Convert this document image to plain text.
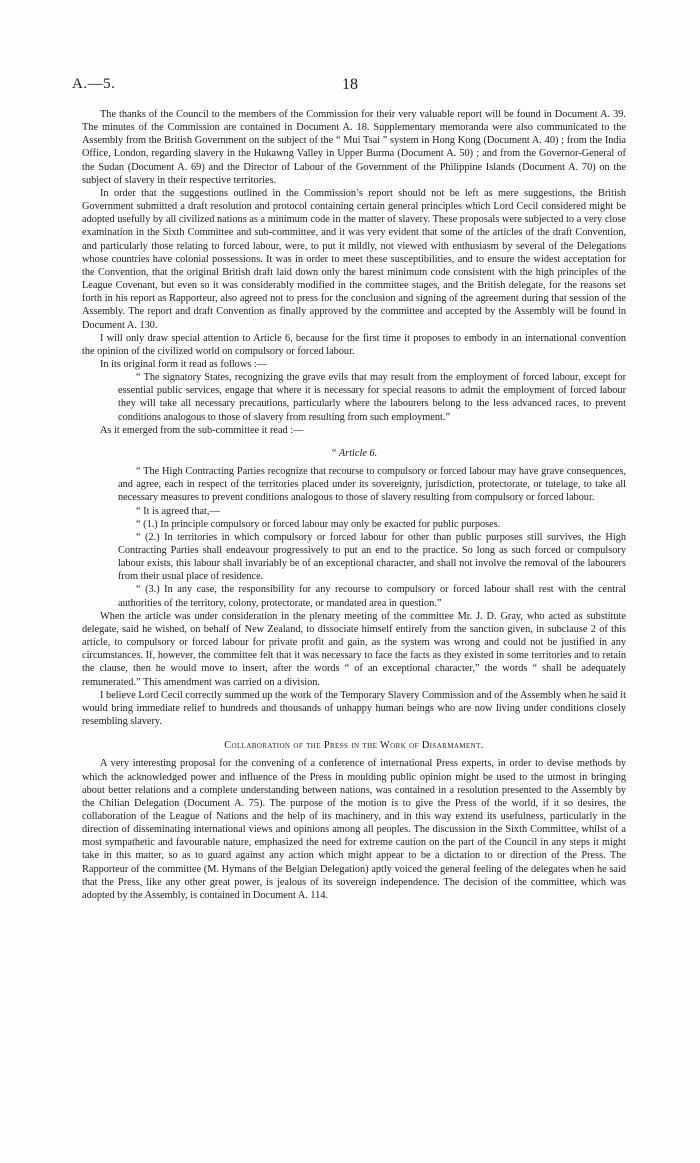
A.—5.	18

The thanks of the Council to the members of the Commission for their very valuable report will be found in Document A. 39. The minutes of the Commission are contained in Document A. 18. Supplementary memoranda were also communicated to the Assembly from the British Government on the subject of the “ Mui Tsai ” system in Hong Kong (Document A. 40) ; from the India Office, London, regarding slavery in the Hukawng Valley in Upper Burma (Document A. 50) ; and from the Governor-General of the Sudan (Document A. 69) and the Director of Labour of the Government of the Philippine Islands (Document A. 70) on the subject of slavery in their respective territories.

In order that the suggestions outlined in the Commission’s report should not be left as mere suggestions, the British Government submitted a draft resolution and protocol containing certain general principles which Lord Cecil considered might be adopted usefully by all civilized nations as a minimum code in the matter of slavery. These proposals were subjected to a very close examination in the Sixth Committee and sub-committee, and it was very evident that some of the articles of the draft Convention, and particularly those relating to forced labour, were, to put it mildly, not viewed with enthusiasm by several of the Delegations whose countries have colonial possessions. It was in order to meet these susceptibilities, and to ensure the widest acceptation for the Convention, that the original British draft laid down only the barest minimum code consistent with the high principles of the League Covenant, but even so it was considerably modified in the committee stages, and the British delegate, for the reasons set forth in his report as Rapporteur, also agreed not to press for the conclusion and signing of the agreement during that session of the Assembly. The report and draft Convention as finally approved by the committee and accepted by the Assembly will be found in Document A. 130.

I will only draw special attention to Article 6, because for the first time it proposes to embody in an international convention the opinion of the civilized world on compulsory or forced labour.

In its original form it read as follows :—

“ The signatory States, recognizing the grave evils that may result from the employment of forced labour, except for essential public services, engage that where it is necessary for special reasons to admit the employment of forced labour they will take all necessary precautions, particularly where the labourers belong to the less advanced races, to prevent conditions analogous to those of slavery from resulting from such employment.”

As it emerged from the sub-committee it read :—

“ Article 6.

“ The High Contracting Parties recognize that recourse to compulsory or forced labour may have grave consequences, and agree, each in respect of the territories placed under its sovereignty, jurisdiction, protectorate, or tutelage, to take all necessary measures to prevent conditions analogous to those of slavery resulting from compulsory or forced labour.

“ It is agreed that,—

“ (1.) In principle compulsory or forced labour may only be exacted for public purposes.

“ (2.) In territories in which compulsory or forced labour for other than public purposes still survives, the High Contracting Parties shall endeavour progressively to put an end to the practice. So long as such forced or compulsory labour exists, this labour shall invariably be of an exceptional character, and shall not involve the removal of the labourers from their usual place of residence.

“ (3.) In any case, the responsibility for any recourse to compulsory or forced labour shall rest with the central authorities of the territory, colony, protectorate, or mandated area in question.”

When the article was under consideration in the plenary meeting of the committee Mr. J. D. Gray, who acted as substitute delegate, said he wished, on behalf of New Zealand, to dissociate himself entirely from the sanction given, in subclause 2 of this article, to compulsory or forced labour for private profit and gain, as the system was wrong and could not be justified in any circumstances. If, however, the committee felt that it was necessary to face the facts as they existed in some territories and to retain the clause, then he would move to insert, after the words “ of an exceptional character,” the words “ shall be adequately remunerated.” This amendment was carried on a division.

I believe Lord Cecil correctly summed up the work of the Temporary Slavery Commission and of the Assembly when he said it would bring immediate relief to hundreds and thousands of unhappy human beings who are now living under conditions closely resembling slavery.

Collaboration of the Press in the Work of Disarmament.

A very interesting proposal for the convening of a conference of international Press experts, in order to devise methods by which the acknowledged power and influence of the Press in moulding public opinion might be used to the utmost in bringing about better relations and a complete understanding between nations, was contained in a resolution presented to the Assembly by the Chilian Delegation (Document A. 75). The purpose of the motion is to give the Press of the world, if it so desires, the collaboration of the League of Nations and the help of its machinery, and in this way extend its usefulness, particularly in the direction of disseminating international views and opinions among all peoples. The discussion in the Sixth Committee, whilst of a most sympathetic and favourable nature, emphasized the need for extreme caution on the part of the Council in any steps it might take in this matter, so as to guard against any action which might appear to be a dictation to or direction of the Press. The Rapporteur of the committee (M. Hymans of the Belgian Delegation) aptly voiced the general feeling of the delegates when he said that the Press, like any other great power, is jealous of its sovereign independence. The decision of the committee, which was adopted by the Assembly, is contained in Document A. 114.
